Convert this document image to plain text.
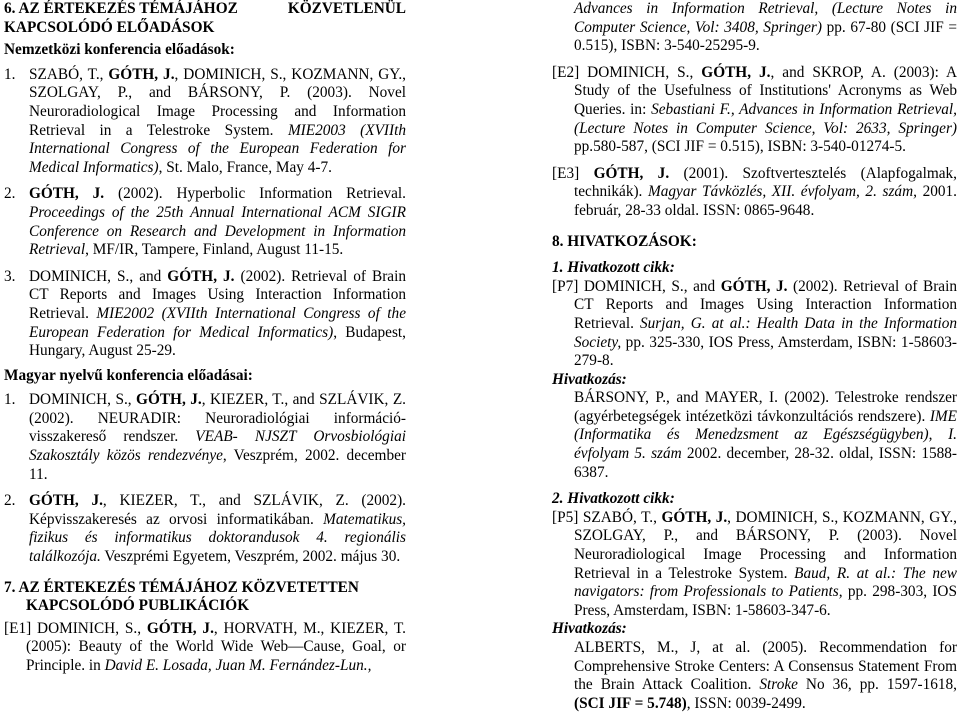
6. AZ ÉRTEKEZÉS TÉMÁJÁHOZ	KÖZVETLENÜL

KAPCSOLÓDÓ ELŐADÁSOK

Nemzetközi konferencia előadások:

1. SZABÓ, T., GÓTH, J., DOMINICH, S., KOZMANN, GY., SZOLGAY, P., and BÁRSONY, P. (2003). Novel Neuroradiological Image Processing and Information Retrieval in a Telestroke System. MIE2003 (XVIIth International Congress of the European Federation for Medical Informatics), St. Malo, France, May 4-7.

2. GÓTH, J. (2002). Hyperbolic Information Retrieval. Proceedings of the 25th Annual International ACM SIGIR Conference on Research and Development in Information Retrieval, MF/IR, Tampere, Finland, August 11-15.

3. DOMINICH, S., and GÓTH, J. (2002). Retrieval of Brain CT Reports and Images Using Interaction Information Retrieval. MIE2002 (XVIIth International Congress of the European Federation for Medical Informatics), Budapest, Hungary, August 25-29.

Magyar nyelvű konferencia előadásai:

1. DOMINICH, S., GÓTH, J., KIEZER, T., and SZLÁVIK, Z. (2002). NEURADIR: Neuroradiológiai információ-visszakereső rendszer. VEAB- NJSZT Orvosbiológiai Szakosztály közös rendezvénye, Veszprém, 2002. december 11.

2. GÓTH, J., KIEZER, T., and SZLÁVIK, Z. (2002). Képvisszakeresés az orvosi informatikában. Matematikus, fizikus és informatikus doktorandusok 4. regionális találkozója. Veszprémi Egyetem, Veszprém, 2002. május 30.

7. AZ ÉRTEKEZÉS TÉMÁJÁHOZ KÖZVETETTEN

KAPCSOLÓDÓ PUBLIKÁCIÓK

[E1] DOMINICH, S., GÓTH, J., HORVATH, M., KIEZER, T. (2005): Beauty of the World Wide Web—Cause, Goal, or Principle. in David E. Losada, Juan M. Fernández-Lun.,

Advances in Information Retrieval, (Lecture Notes in Computer Science, Vol: 3408, Springer) pp. 67-80 (SCI JIF = 0.515), ISBN: 3-540-25295-9.

[E2] DOMINICH, S., GÓTH, J., and SKROP, A. (2003): A Study of the Usefulness of Institutions' Acronyms as Web Queries. in: Sebastiani F., Advances in Information Retrieval, (Lecture Notes in Computer Science, Vol: 2633, Springer) pp.580-587, (SCI JIF = 0.515), ISBN: 3-540-01274-5.

[E3] GÓTH, J. (2001). Szoftvertesztelés (Alapfogalmak, technikák). Magyar Távközlés, XII. évfolyam, 2. szám, 2001. február, 28-33 oldal. ISSN: 0865-9648.

8. HIVATKOZÁSOK:

1. Hivatkozott cikk:

[P7] DOMINICH, S., and GÓTH, J. (2002). Retrieval of Brain CT Reports and Images Using Interaction Information Retrieval. Surjan, G. at al.: Health Data in the Information Society, pp. 325-330, IOS Press, Amsterdam, ISBN: 1-58603-279-8.

Hivatkozás:

BÁRSONY, P., and MAYER, I. (2002). Telestroke rendszer (agyérbetegségek intézetközi távkonzultációs rendszere). IME (Informatika és Menedzsment az Egészségügyben), I. évfolyam 5. szám 2002. december, 28-32. oldal, ISSN: 1588-6387.

2. Hivatkozott cikk:

[P5] SZABÓ, T., GÓTH, J., DOMINICH, S., KOZMANN, GY., SZOLGAY, P., and BÁRSONY, P. (2003). Novel Neuroradiological Image Processing and Information Retrieval in a Telestroke System. Baud, R. at al.: The new navigators: from Professionals to Patients, pp. 298-303, IOS Press, Amsterdam, ISBN: 1-58603-347-6.

Hivatkozás:

ALBERTS, M., J, at al. (2005). Recommendation for Comprehensive Stroke Centers: A Consensus Statement From the Brain Attack Coalition. Stroke No 36, pp. 1597-1618, (SCI JIF = 5.748), ISSN: 0039-2499.
